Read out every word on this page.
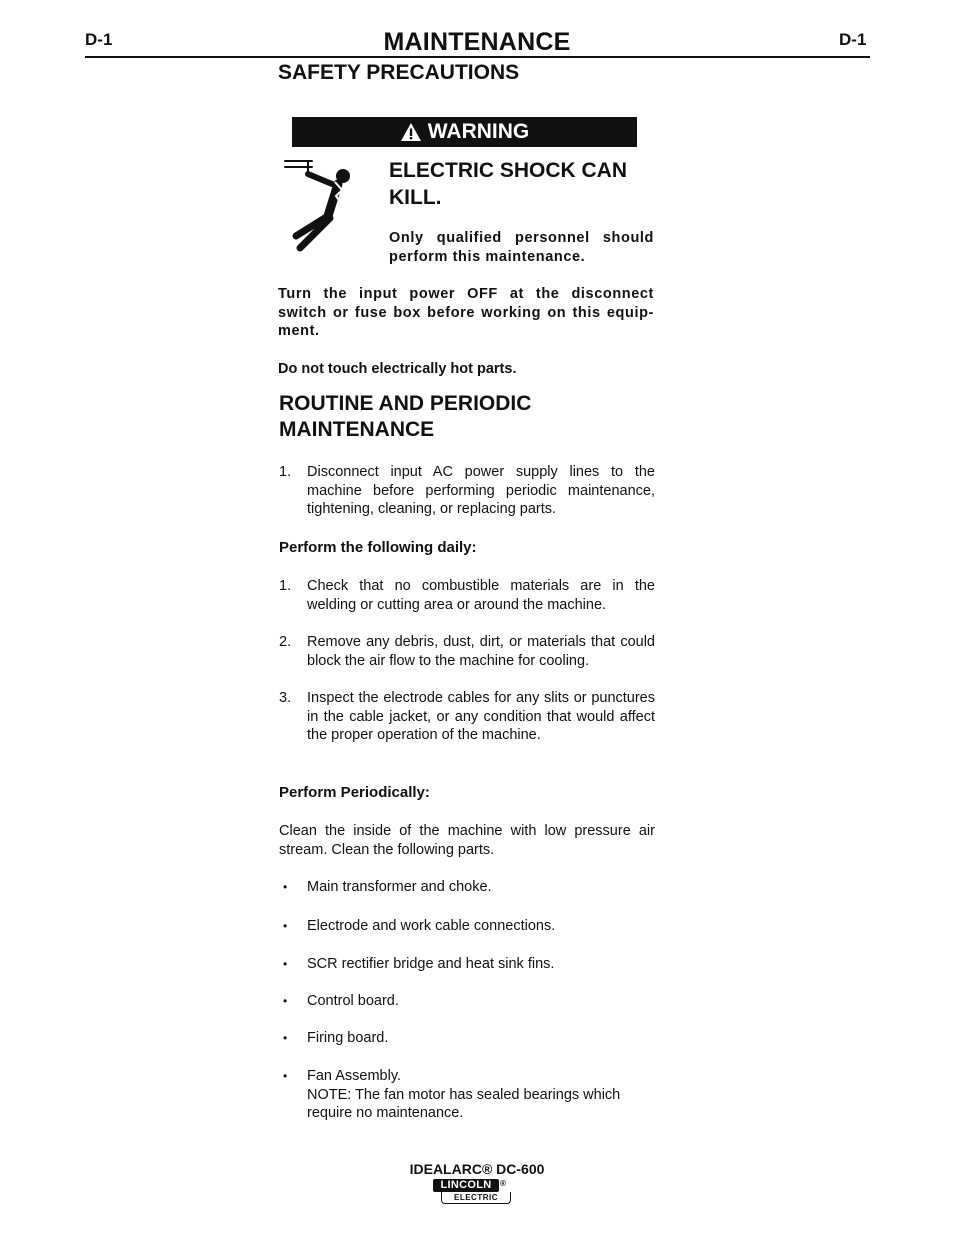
D-1	D-1
MAINTENANCE
SAFETY PRECAUTIONS
WARNING
ELECTRIC SHOCK CAN KILL.
Only qualified personnel should perform this maintenance.
Turn the input power OFF at the disconnect switch or fuse box before working on this equip-ment.
Do not touch electrically hot parts.
ROUTINE AND PERIODIC MAINTENANCE
1. Disconnect input AC power supply lines to the machine before performing periodic maintenance, tightening, cleaning, or replacing parts.
Perform the following daily:
1. Check that no combustible materials are in the welding or cutting area or around the machine.
2. Remove any debris, dust, dirt, or materials that could block the air flow to the machine for cooling.
3. Inspect the electrode cables for any slits or punctures in the cable jacket, or any condition that would affect the proper operation of the machine.
Perform Periodically:
Clean the inside of the machine with low pressure air stream. Clean the following parts.
• Main transformer and choke.
• Electrode and work cable connections.
• SCR rectifier bridge and heat sink fins.
• Control board.
• Firing board.
• Fan Assembly.
NOTE: The fan motor has sealed bearings which
require no maintenance.
IDEALARC® DC-600
LINCOLN	®
ELECTRIC
